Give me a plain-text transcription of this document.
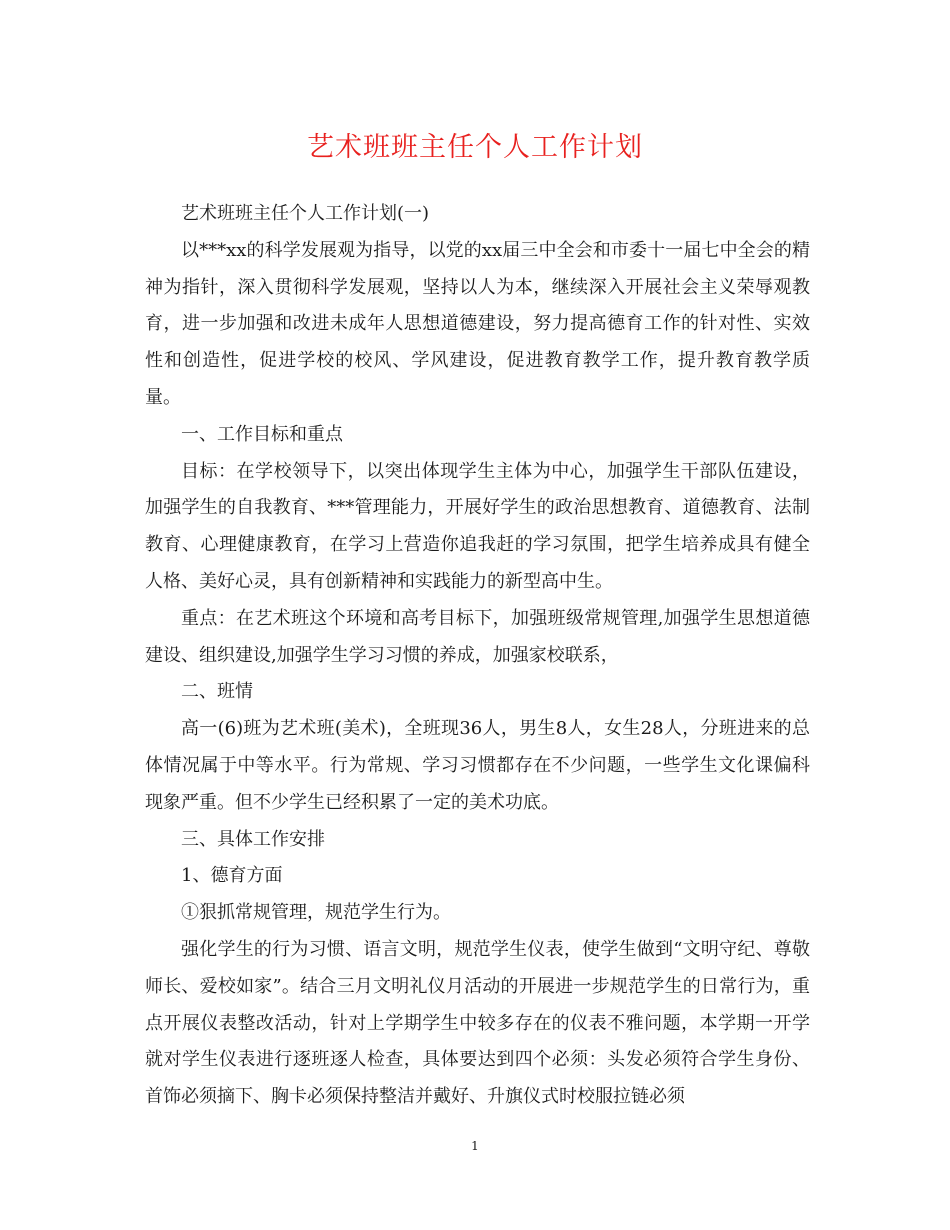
艺术班班主任个人工作计划

艺术班班主任个人工作计划(一)

以***xx的科学发展观为指导，以党的xx届三中全会和市委十一届七中全会的精神为指针，深入贯彻科学发展观，坚持以人为本，继续深入开展社会主义荣辱观教育，进一步加强和改进未成年人思想道德建设，努力提高德育工作的针对性、实效性和创造性，促进学校的校风、学风建设，促进教育教学工作，提升教育教学质量。

一、工作目标和重点

目标：在学校领导下，以突出体现学生主体为中心，加强学生干部队伍建设，加强学生的自我教育、***管理能力，开展好学生的政治思想教育、道德教育、法制教育、心理健康教育，在学习上营造你追我赶的学习氛围，把学生培养成具有健全人格、美好心灵，具有创新精神和实践能力的新型高中生。

重点：在艺术班这个环境和高考目标下，加强班级常规管理,加强学生思想道德建设、组织建设,加强学生学习习惯的养成，加强家校联系，

二、班情

高一(6)班为艺术班(美术)，全班现36人，男生8人，女生28人，分班进来的总体情况属于中等水平。行为常规、学习习惯都存在不少问题，一些学生文化课偏科现象严重。但不少学生已经积累了一定的美术功底。

三、具体工作安排

1、德育方面

①狠抓常规管理，规范学生行为。

强化学生的行为习惯、语言文明，规范学生仪表，使学生做到“文明守纪、尊敬师长、爱校如家”。结合三月文明礼仪月活动的开展进一步规范学生的日常行为，重点开展仪表整改活动，针对上学期学生中较多存在的仪表不雅问题，本学期一开学就对学生仪表进行逐班逐人检查，具体要达到四个必须：头发必须符合学生身份、首饰必须摘下、胸卡必须保持整洁并戴好、升旗仪式时校服拉链必须

1
